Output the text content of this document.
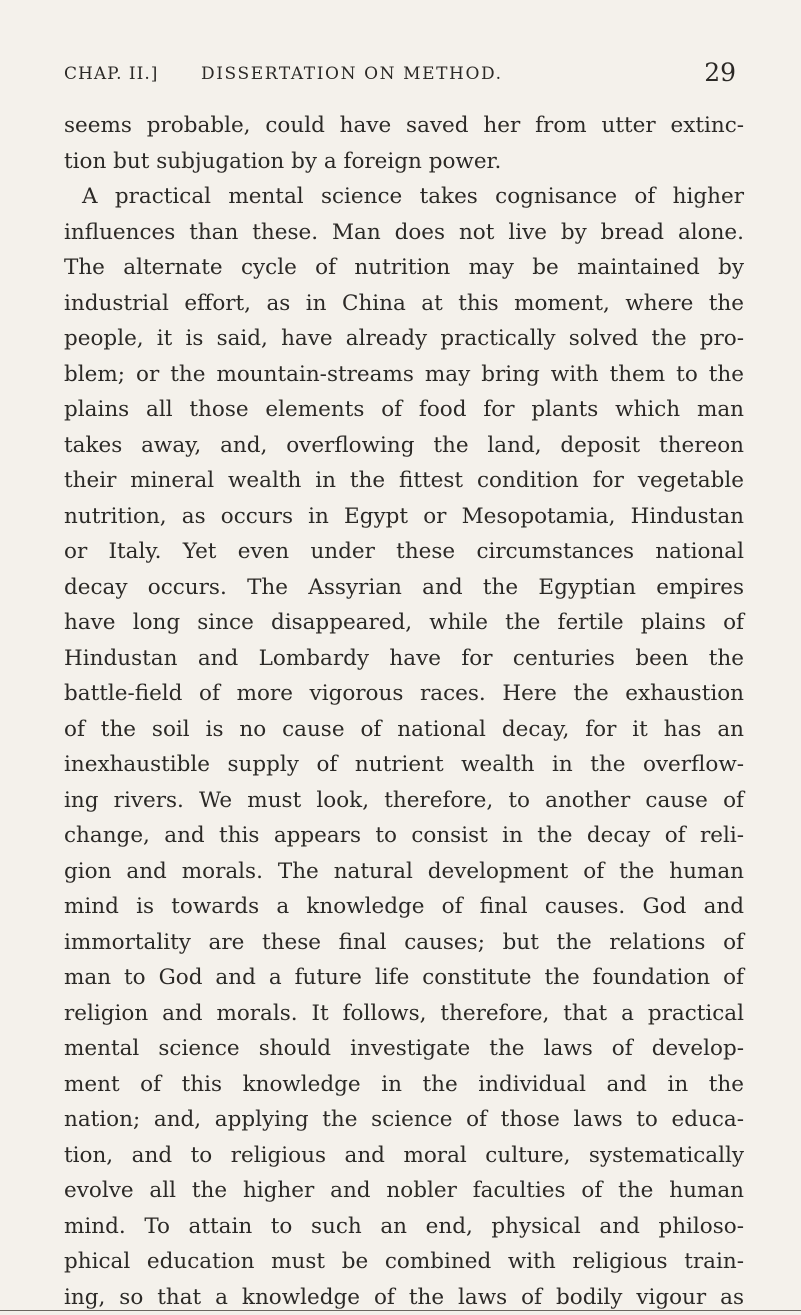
CHAP. II.]	DISSERTATION ON METHOD.	29
seems probable, could have saved her from utter extinc-
tion but subjugation by a foreign power.
A practical mental science takes cognisance of higher
influences than these. Man does not live by bread alone.
The alternate cycle of nutrition may be maintained by
industrial effort, as in China at this moment, where the
people, it is said, have already practically solved the pro-
blem; or the mountain-streams may bring with them to the
plains all those elements of food for plants which man
takes away, and, overflowing the land, deposit thereon
their mineral wealth in the fittest condition for vegetable
nutrition, as occurs in Egypt or Mesopotamia, Hindustan
or Italy. Yet even under these circumstances national
decay occurs. The Assyrian and the Egyptian empires
have long since disappeared, while the fertile plains of
Hindustan and Lombardy have for centuries been the
battle-field of more vigorous races. Here the exhaustion
of the soil is no cause of national decay, for it has an
inexhaustible supply of nutrient wealth in the overflow-
ing rivers. We must look, therefore, to another cause of
change, and this appears to consist in the decay of reli-
gion and morals. The natural development of the human
mind is towards a knowledge of final causes. God and
immortality are these final causes; but the relations of
man to God and a future life constitute the foundation of
religion and morals. It follows, therefore, that a practical
mental science should investigate the laws of develop-
ment of this knowledge in the individual and in the
nation; and, applying the science of those laws to educa-
tion, and to religious and moral culture, systematically
evolve all the higher and nobler faculties of the human
mind. To attain to such an end, physical and philoso-
phical education must be combined with religious train-
ing, so that a knowledge of the laws of bodily vigour as
